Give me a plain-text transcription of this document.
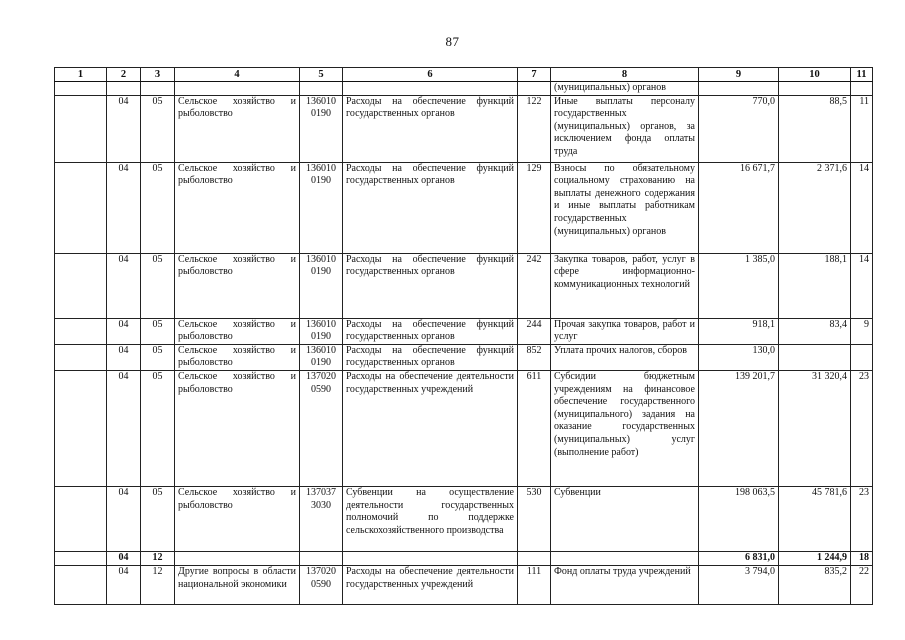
87
1	2	3	4	5	6	7	8	9	10	11
							(муниципальных) органов			
	04	05	Сельское хозяйство и рыболовство	136010 0190	Расходы на обеспечение функций государственных органов	122	Иные выплаты персоналу государственных (муниципальных) органов, за исключением фонда оплаты труда	770,0	88,5	11
	04	05	Сельское хозяйство и рыболовство	136010 0190	Расходы на обеспечение функций государственных органов	129	Взносы по обязательному социальному страхованию на выплаты денежного содержания и иные выплаты работникам государственных (муниципальных) органов	16 671,7	2 371,6	14
	04	05	Сельское хозяйство и рыболовство	136010 0190	Расходы на обеспечение функций государственных органов	242	Закупка товаров, работ, услуг в сфере информационно-коммуникационных технологий	1 385,0	188,1	14
	04	05	Сельское хозяйство и рыболовство	136010 0190	Расходы на обеспечение функций государственных органов	244	Прочая закупка товаров, работ и услуг	918,1	83,4	9
	04	05	Сельское хозяйство и рыболовство	136010 0190	Расходы на обеспечение функций государственных органов	852	Уплата прочих налогов, сборов	130,0		
	04	05	Сельское хозяйство и рыболовство	137020 0590	Расходы на обеспечение деятельности государственных учреждений	611	Субсидии бюджетным учреждениям на финансовое обеспечение государственного (муниципального) задания на оказание государственных (муниципальных) услуг (выполнение работ)	139 201,7	31 320,4	23
	04	05	Сельское хозяйство и рыболовство	137037 3030	Субвенции на осуществление деятельности государственных полномочий по поддержке сельскохозяйственного производства	530	Субвенции	198 063,5	45 781,6	23
	04	12						6 831,0	1 244,9	18
	04	12	Другие вопросы в области национальной экономики	137020 0590	Расходы на обеспечение деятельности государственных учреждений	111	Фонд оплаты труда учреждений	3 794,0	835,2	22
